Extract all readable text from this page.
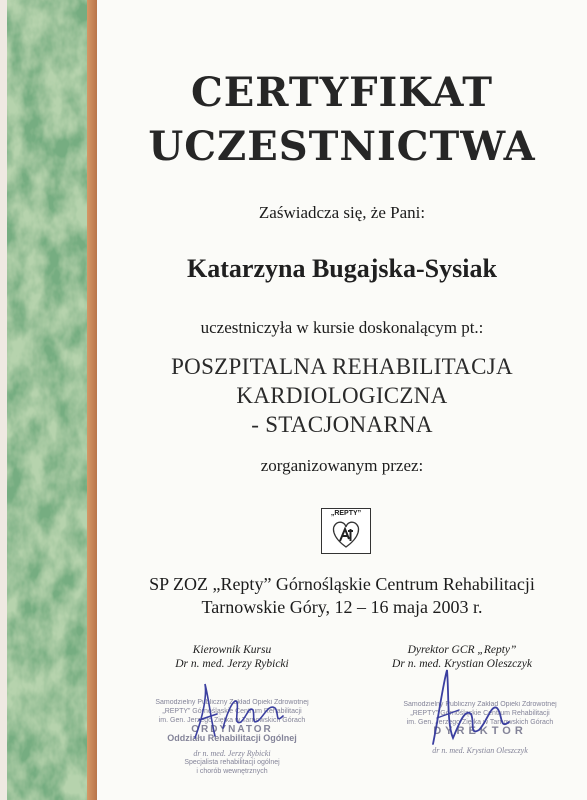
CERTYFIKAT
UCZESTNICTWA
Zaświadcza się, że Pani:
Katarzyna Bugajska-Sysiak
uczestniczyła w kursie doskonalącym pt.:
POSZPITALNA REHABILITACJA
KARDIOLOGICZNA
- STACJONARNA
zorganizowanym przez:
„REPTY”
SP ZOZ „Repty” Górnośląskie Centrum Rehabilitacji
Tarnowskie Góry, 12 – 16 maja 2003 r.
Kierownik Kursu
Dr n. med. Jerzy Rybicki
Samodzielny Publiczny Zakład Opieki Zdrowotnej
„REPTY” Górnośląskie Centrum Rehabilitacji
im. Gen. Jerzego Ziętka w Tarnowskich Górach
ORDYNATOR
Oddziału Rehabilitacji Ogólnej
dr n. med. Jerzy Rybicki
Specjalista rehabilitacji ogólnej
i chorób wewnętrznych
Dyrektor GCR „Repty”
Dr n. med. Krystian Oleszczyk
Samodzielny Publiczny Zakład Opieki Zdrowotnej
„REPTY” Górnośląskie Centrum Rehabilitacji
im. Gen. Jerzego Ziętka w Tarnowskich Górach
DYREKTOR
dr n. med. Krystian Oleszczyk
